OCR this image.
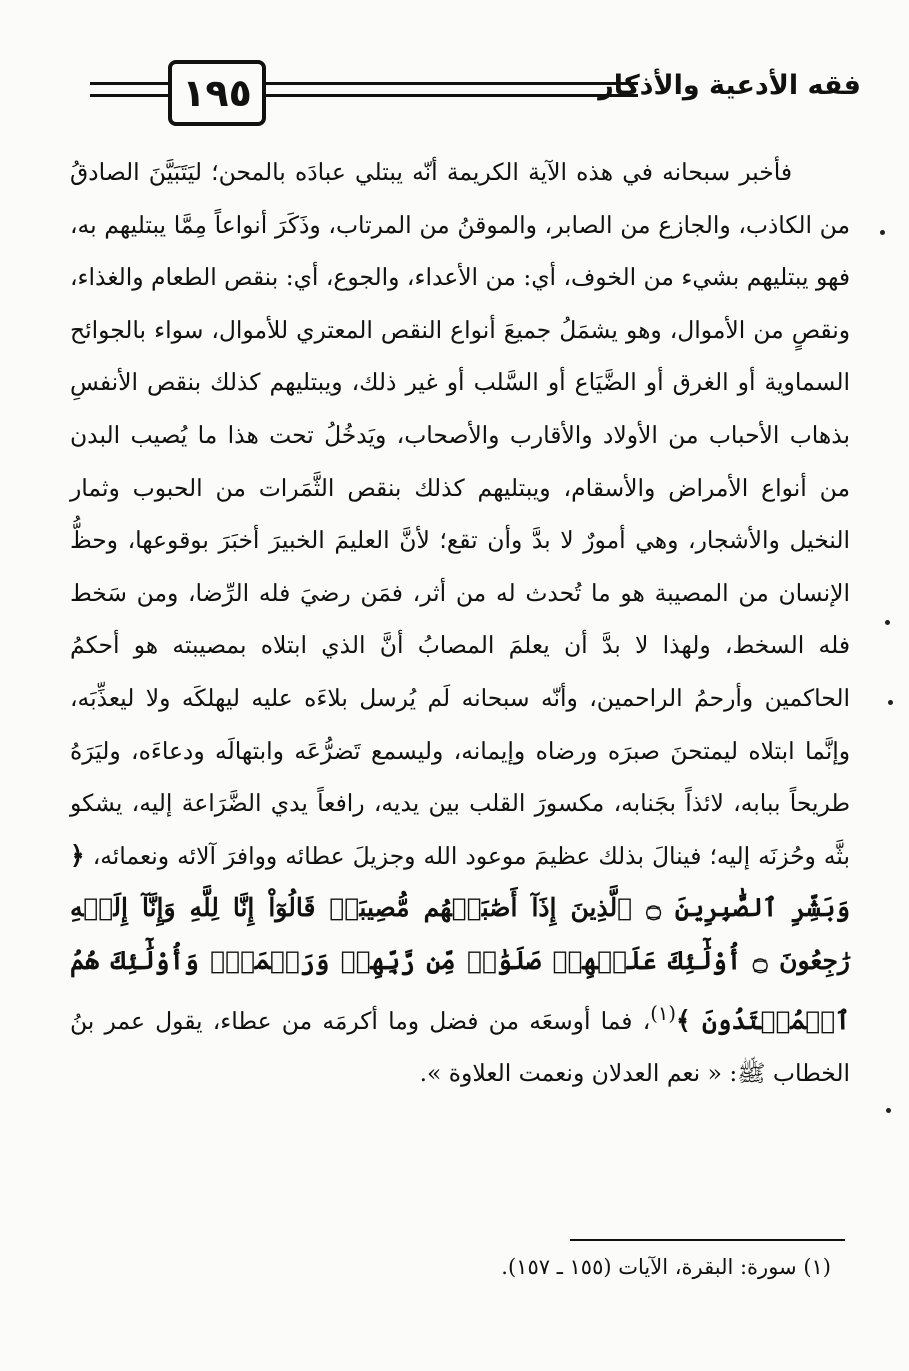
١٩٥	فقه الأدعية والأذكار

فأخبر سبحانه في هذه الآية الكريمة أنّه يبتلي عبادَه بالمحن؛ ليَتَبَيَّنَ الصادقُ من الكاذب، والجازع من الصابر، والموقنُ من المرتاب، وذَكَرَ أنواعاً مِمَّا يبتليهم به، فهو يبتليهم بشيء من الخوف، أي: من الأعداء، والجوع، أي: بنقص الطعام والغذاء، ونقصٍ من الأموال، وهو يشمَلُ جميعَ أنواع النقص المعتري للأموال، سواء بالجوائح السماوية أو الغرق أو الضَّيَاع أو السَّلب أو غير ذلك، ويبتليهم كذلك بنقص الأنفسِ بذهاب الأحباب من الأولاد والأقارب والأصحاب، ويَدخُلُ تحت هذا ما يُصيب البدن من أنواع الأمراض والأسقام، ويبتليهم كذلك بنقص الثَّمَرات من الحبوب وثمار النخيل والأشجار، وهي أمورٌ لا بدَّ وأن تقع؛ لأنَّ العليمَ الخبيرَ أخبَرَ بوقوعها، وحظُّ الإنسان من المصيبة هو ما تُحدث له من أثر، فمَن رضيَ فله الرِّضا، ومن سَخط فله السخط، ولهذا لا بدَّ أن يعلمَ المصابُ أنَّ الذي ابتلاه بمصيبته هو أحكمُ الحاكمين وأرحمُ الراحمين، وأنّه سبحانه لَم يُرسل بلاءَه عليه ليهلكَه ولا ليعذِّبَه، وإنَّما ابتلاه ليمتحنَ صبرَه ورضاه وإيمانه، وليسمع تَضرُّعَه وابتهالَه ودعاءَه، وليَرَهُ طريحاً ببابه، لائذاً بجَنابه، مكسورَ القلب بين يديه، رافعاً يدي الضَّرَاعة إليه، يشكو بثَّه وحُزنَه إليه؛ فينالَ بذلك عظيمَ موعود الله وجزيلَ عطائه ووافرَ آلائه ونعمائه، ﴿ وَبَشِّرِ ٱلصَّٰبِرِينَ ۝ ٱلَّذِينَ إِذَآ أَصَٰبَتۡهُم مُّصِيبَةٞ قَالُوٓاْ إِنَّا لِلَّهِ وَإِنَّآ إِلَيۡهِ رَٰجِعُونَ ۝ أُوْلَٰٓئِكَ عَلَيۡهِمۡ صَلَوَٰتٞ مِّن رَّبِّهِمۡ وَرَحۡمَةٞۖ وَأُوْلَٰٓئِكَ هُمُ ٱلۡمُهۡتَدُونَ ﴾$^{(١)}$، فما أوسعَه من فضل وما أكرمَه من عطاء، يقول عمر بنُ الخطاب ﷺ: « نعم العدلان ونعمت العلاوة ».

(١) سورة: البقرة، الآيات (١٥٥ ـ ١٥٧).
